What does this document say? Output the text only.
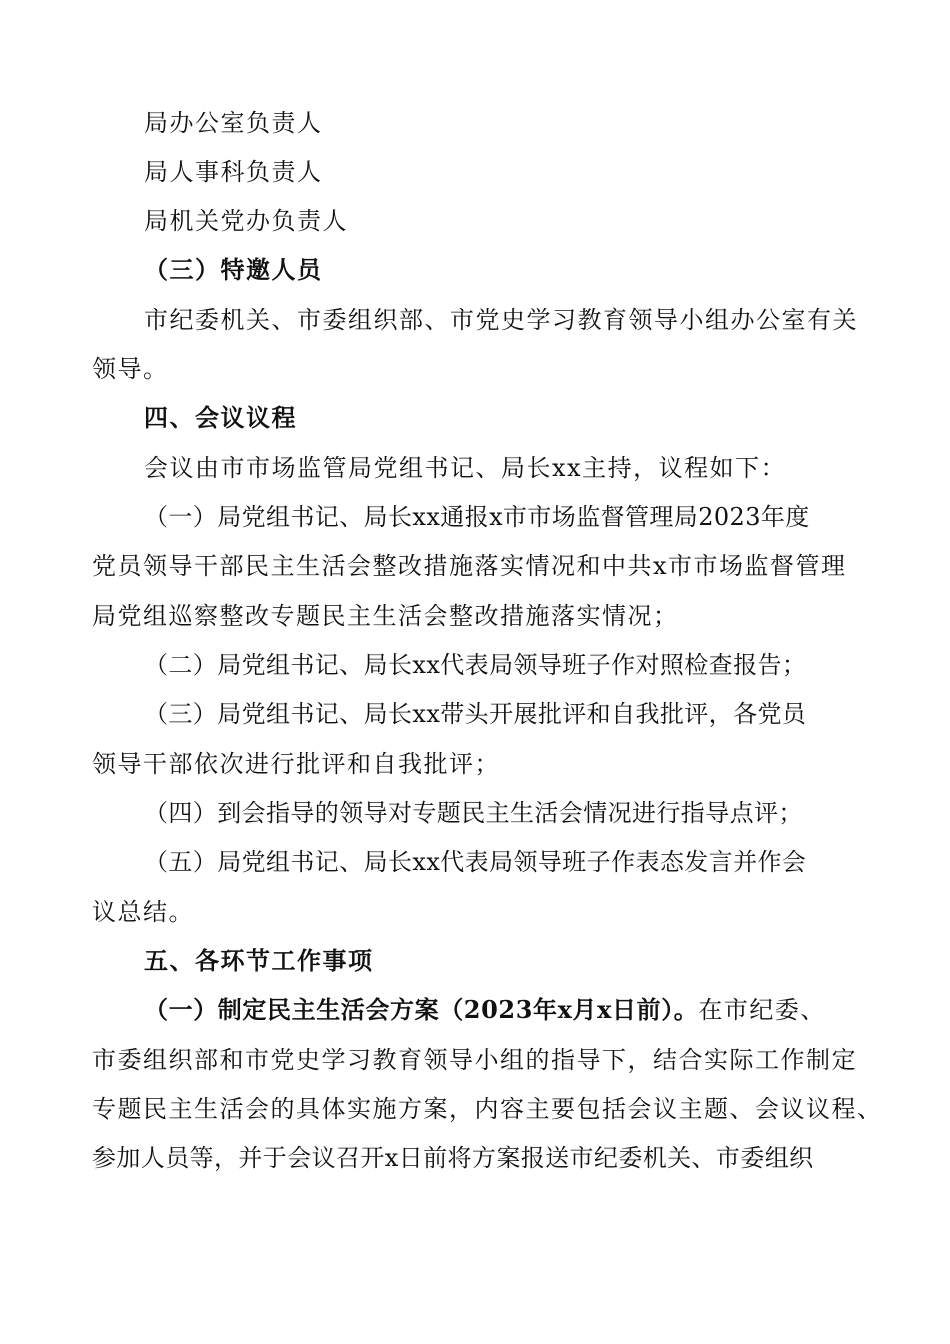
局办公室负责人
局人事科负责人
局机关党办负责人
（三）特邀人员
市纪委机关、市委组织部、市党史学习教育领导小组办公室有关
领导。
四、会议议程
会议由市市场监管局党组书记、局长xx主持，议程如下：
（一）局党组书记、局长xx通报x市市场监督管理局2023年度
党员领导干部民主生活会整改措施落实情况和中共x市市场监督管理
局党组巡察整改专题民主生活会整改措施落实情况；
（二）局党组书记、局长xx代表局领导班子作对照检查报告；
（三）局党组书记、局长xx带头开展批评和自我批评，各党员
领导干部依次进行批评和自我批评；
（四）到会指导的领导对专题民主生活会情况进行指导点评；
（五）局党组书记、局长xx代表局领导班子作表态发言并作会
议总结。
五、各环节工作事项
（一）制定民主生活会方案（2023年x月x日前）。在市纪委、
市委组织部和市党史学习教育领导小组的指导下，结合实际工作制定
专题民主生活会的具体实施方案，内容主要包括会议主题、会议议程、
参加人员等，并于会议召开x日前将方案报送市纪委机关、市委组织
